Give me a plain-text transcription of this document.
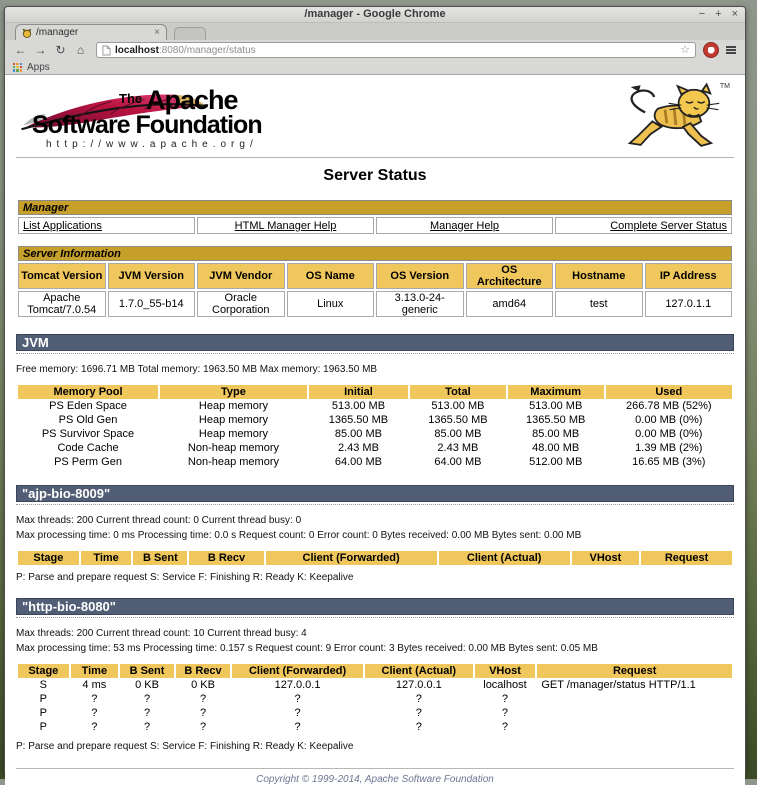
/manager - Google Chrome	− + ×
/manager	×
← → ↻ ⌂	localhost:8080/manager/status	☆
Apps
The Apache
Software Foundation
http://www.apache.org/
TM
Server Status
Manager
List Applications	HTML Manager Help	Manager Help	Complete Server Status
Server Information							
Tomcat Version	JVM Version	JVM Vendor	OS Name	OS Version	OS Architecture	Hostname	IP Address
Apache Tomcat/7.0.54	1.7.0_55-b14	Oracle Corporation	Linux	3.13.0-24-generic	amd64	test	127.0.1.1
JVM
Free memory: 1696.71 MB Total memory: 1963.50 MB Max memory: 1963.50 MB
Memory Pool	Type	Initial	Total	Maximum	Used
PS Eden Space	Heap memory	513.00 MB	513.00 MB	513.00 MB	266.78 MB (52%)
PS Old Gen	Heap memory	1365.50 MB	1365.50 MB	1365.50 MB	0.00 MB (0%)
PS Survivor Space	Heap memory	85.00 MB	85.00 MB	85.00 MB	0.00 MB (0%)
Code Cache	Non-heap memory	2.43 MB	2.43 MB	48.00 MB	1.39 MB (2%)
PS Perm Gen	Non-heap memory	64.00 MB	64.00 MB	512.00 MB	16.65 MB (3%)
"ajp-bio-8009"
Max threads: 200 Current thread count: 0 Current thread busy: 0
Max processing time: 0 ms Processing time: 0.0 s Request count: 0 Error count: 0 Bytes received: 0.00 MB Bytes sent: 0.00 MB
Stage	Time	B Sent	B Recv	Client (Forwarded)	Client (Actual)	VHost	Request
P: Parse and prepare request S: Service F: Finishing R: Ready K: Keepalive
"http-bio-8080"
Max threads: 200 Current thread count: 10 Current thread busy: 4
Max processing time: 53 ms Processing time: 0.157 s Request count: 9 Error count: 3 Bytes received: 0.00 MB Bytes sent: 0.05 MB
Stage	Time	B Sent	B Recv	Client (Forwarded)	Client (Actual)	VHost	Request
S	4 ms	0 KB	0 KB	127.0.0.1	127.0.0.1	localhost	GET /manager/status HTTP/1.1
P	?	?	?	?	?	?	
P	?	?	?	?	?	?	
P	?	?	?	?	?	?	
P: Parse and prepare request S: Service F: Finishing R: Ready K: Keepalive
Copyright © 1999-2014, Apache Software Foundation
